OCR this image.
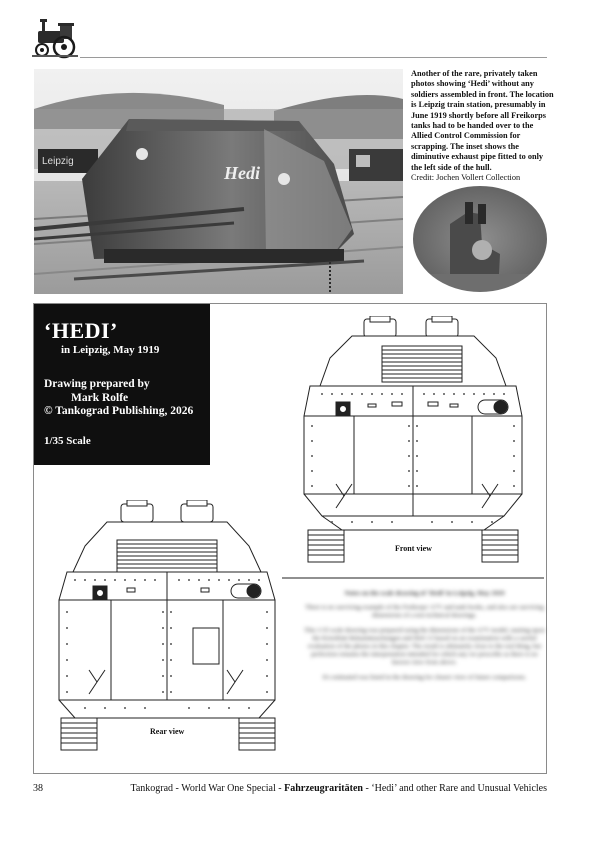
Leipzig
Hedi
Another of the rare, privately taken photos showing ‘Hedi’ without any soldiers assembled in front. The location is Leipzig train station, presumably in June 1919 shortly before all Freikorps tanks had to be handed over to the Allied Control Commission for scrapping. The inset shows the diminutive exhaust pipe fitted to only the left side of the hull.
Credit: Jochen Vollert Collection
‘HEDI’
in Leipzig, May 1919
Drawing prepared by
Mark Rolfe
© Tankograd Publishing, 2026
1/35 Scale
Front view
Rear view

Notes on the scale drawing of ‘Hedi’ in Leipzig, May 1919

There is no surviving example of the Freikorps' A7V and tank books, and also are surviving dimensions of a non technical drawings.

This 1/35 scale drawing was prepared using the dimensions of the A7V model, starting upon the Kriesblatt Bekanntmachungen and Heft 13 based on an examination with a careful evaluation of the photos in this chapter. The result is ultimately close to the real thing, but perfection remains the interpretation intended for which any we prescribe as there is no known view from above.

It's estimated was listed in the drawing for clearer view of future comparisons.

38	Tankograd - World War One Special - Fahrzeugraritäten - ‘Hedi’ and other Rare and Unusual Vehicles
